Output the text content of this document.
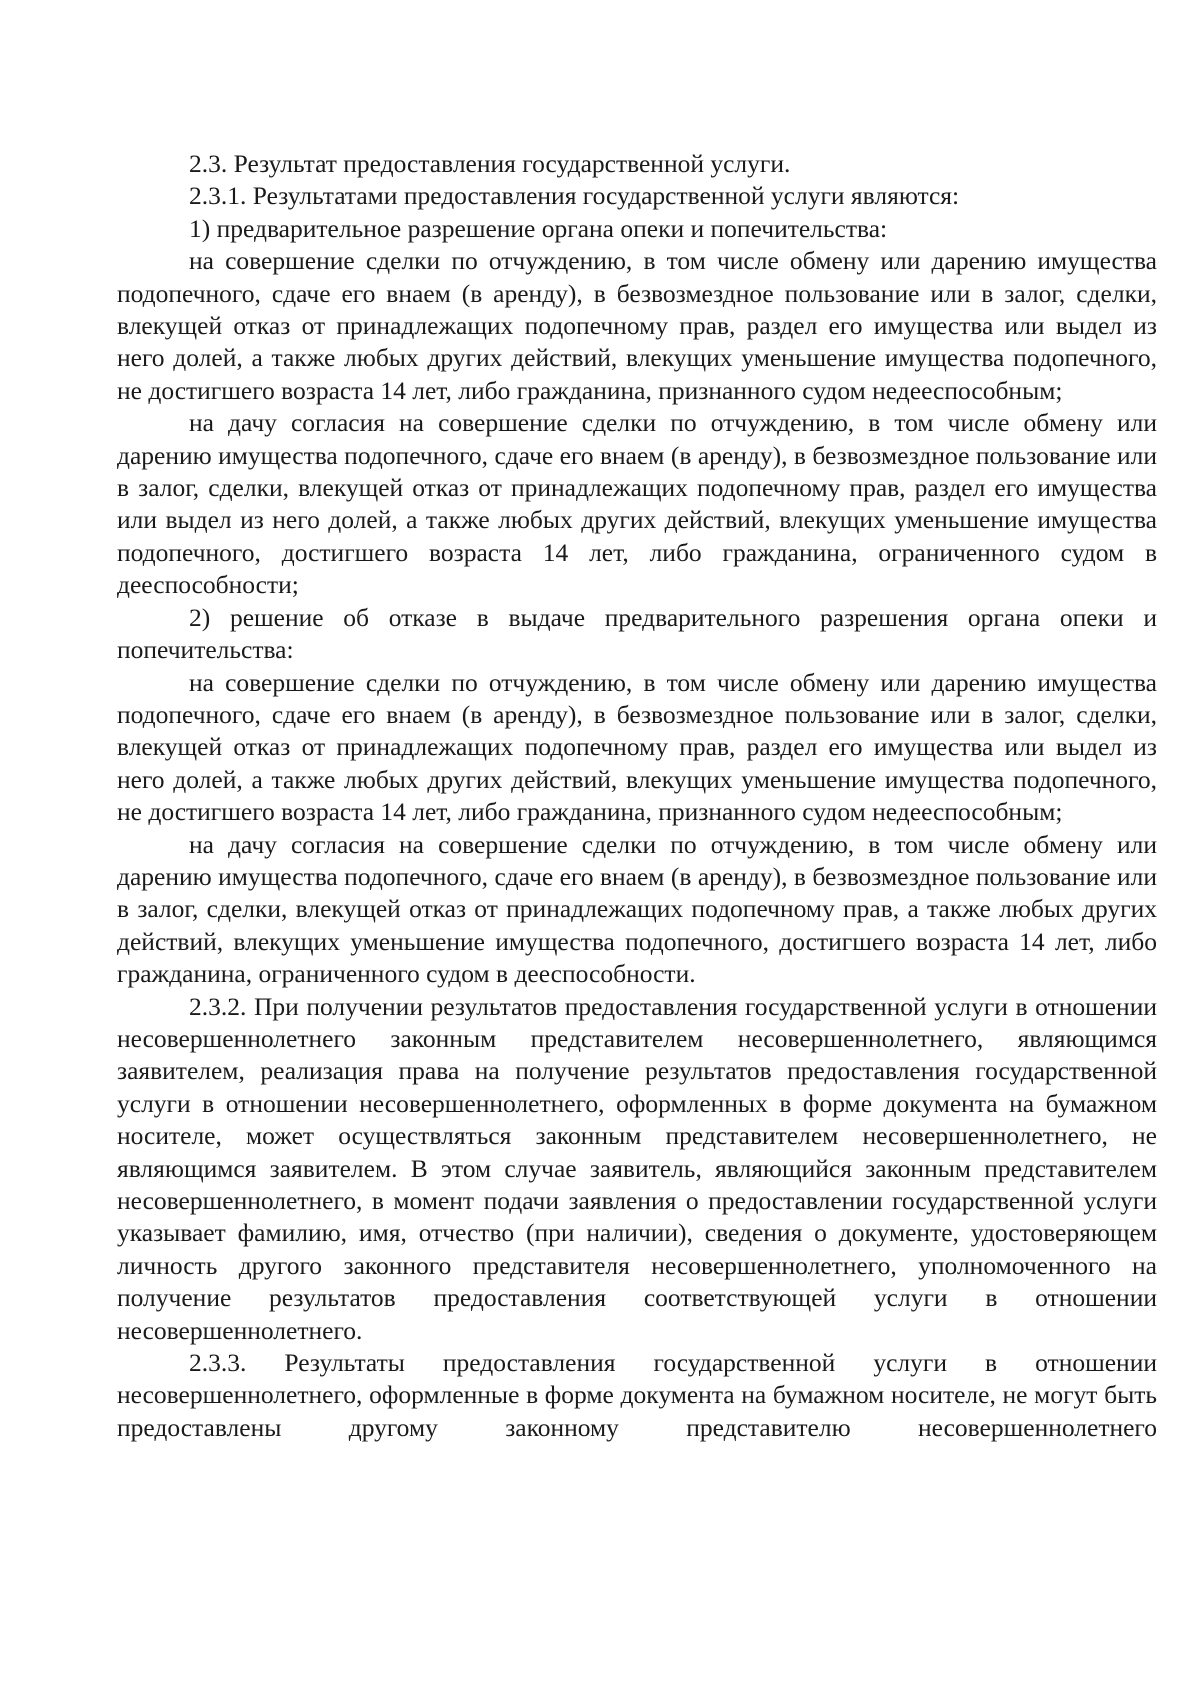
2.3. Результат предоставления государственной услуги.

2.3.1. Результатами предоставления государственной услуги являются:

1) предварительное разрешение органа опеки и попечительства:

на совершение сделки по отчуждению, в том числе обмену или дарению имущества подопечного, сдаче его внаем (в аренду), в безвозмездное пользование или в залог, сделки, влекущей отказ от принадлежащих подопечному прав, раздел его имущества или выдел из него долей, а также любых других действий, влекущих уменьшение имущества подопечного, не достигшего возраста 14 лет, либо гражданина, признанного судом недееспособным;

на дачу согласия на совершение сделки по отчуждению, в том числе обмену или дарению имущества подопечного, сдаче его внаем (в аренду), в безвозмездное пользование или в залог, сделки, влекущей отказ от принадлежащих подопечному прав, раздел его имущества или выдел из него долей, а также любых других действий, влекущих уменьшение имущества подопечного, достигшего возраста 14 лет, либо гражданина, ограниченного судом в дееспособности;

2) решение об отказе в выдаче предварительного разрешения органа опеки и попечительства:

на совершение сделки по отчуждению, в том числе обмену или дарению имущества подопечного, сдаче его внаем (в аренду), в безвозмездное пользование или в залог, сделки, влекущей отказ от принадлежащих подопечному прав, раздел его имущества или выдел из него долей, а также любых других действий, влекущих уменьшение имущества подопечного, не достигшего возраста 14 лет, либо гражданина, признанного судом недееспособным;

на дачу согласия на совершение сделки по отчуждению, в том числе обмену или дарению имущества подопечного, сдаче его внаем (в аренду), в безвозмездное пользование или в залог, сделки, влекущей отказ от принадлежащих подопечному прав, а также любых других действий, влекущих уменьшение имущества подопечного, достигшего возраста 14 лет, либо гражданина, ограниченного судом в дееспособности.

2.3.2. При получении результатов предоставления государственной услуги в отношении несовершеннолетнего законным представителем несовершеннолетнего, являющимся заявителем, реализация права на получение результатов предоставления государственной услуги в отношении несовершеннолетнего, оформленных в форме документа на бумажном носителе, может осуществляться законным представителем несовершеннолетнего, не являющимся заявителем. В этом случае заявитель, являющийся законным представителем несовершеннолетнего, в момент подачи заявления о предоставлении государственной услуги указывает фамилию, имя, отчество (при наличии), сведения о документе, удостоверяющем личность другого законного представителя несовершеннолетнего, уполномоченного на получение результатов предоставления соответствующей услуги в отношении несовершеннолетнего.

2.3.3. Результаты предоставления государственной услуги в отношении несовершеннолетнего, оформленные в форме документа на бумажном носителе, не могут быть предоставлены другому законному представителю несовершеннолетнего
